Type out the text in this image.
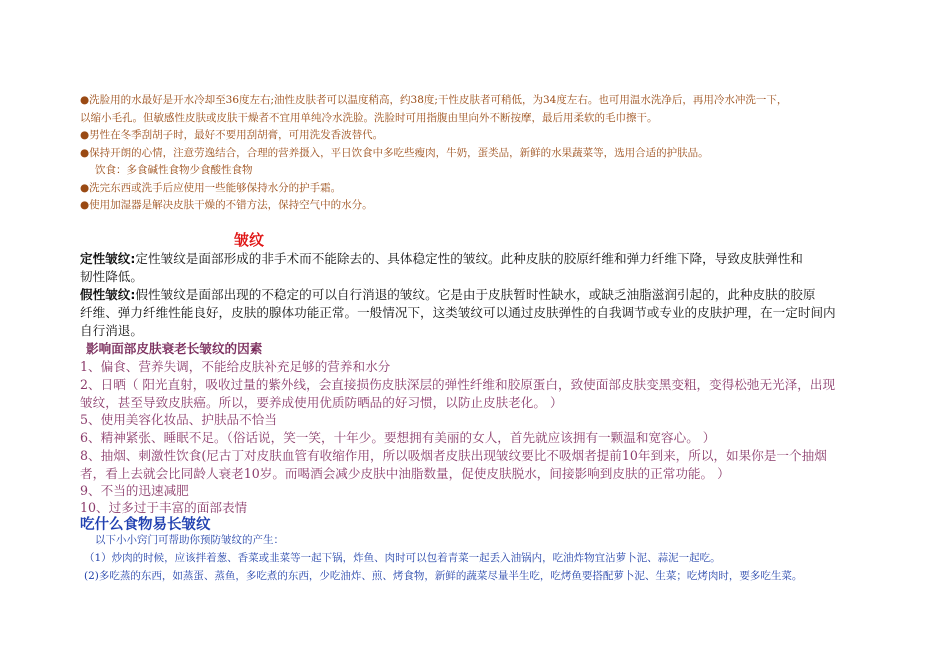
●洗脸用的水最好是开水冷却至36度左右;油性皮肤者可以温度稍高，约38度;干性皮肤者可稍低，为34度左右。也可用温水洗净后，再用冷水冲洗一下，

以缩小毛孔。但敏感性皮肤或皮肤干燥者不宜用单纯冷水洗脸。洗脸时可用指腹由里向外不断按摩，最后用柔软的毛巾擦干。

●男性在冬季刮胡子时，最好不要用刮胡膏，可用洗发香波替代。

●保持开朗的心情，注意劳逸结合，合理的营养摄入，平日饮食中多吃些瘦肉，牛奶，蛋类品，新鲜的水果蔬菜等，选用合适的护肤品。

饮食：多食碱性食物少食酸性食物

●洗完东西或洗手后应使用一些能够保持水分的护手霜。

●使用加湿器是解决皮肤干燥的不错方法，保持空气中的水分。

皱纹

定性皱纹:定性皱纹是面部形成的非手术而不能除去的、具体稳定性的皱纹。此种皮肤的胶原纤维和弹力纤维下降，导致皮肤弹性和

韧性降低。

假性皱纹:假性皱纹是面部出现的不稳定的可以自行消退的皱纹。它是由于皮肤暂时性缺水，或缺乏油脂滋润引起的，此种皮肤的胶原

纤维、弹力纤维性能良好，皮肤的腺体功能正常。一般情况下，这类皱纹可以通过皮肤弹性的自我调节或专业的皮肤护理，在一定时间内

自行消退。

影响面部皮肤衰老长皱纹的因素

1、偏食、营养失调，不能给皮肤补充足够的营养和水分

2、日晒（ 阳光直射，吸收过量的紫外线，会直接损伤皮肤深层的弹性纤维和胶原蛋白，致使面部皮肤变黑变粗，变得松弛无光泽，出现

皱纹，甚至导致皮肤癌。所以，要养成使用优质防晒品的好习惯，以防止皮肤老化。 ）

5、使用美容化妆品、护肤品不恰当

6、精神紧张、睡眠不足。（俗话说，笑一笑，十年少。要想拥有美丽的女人，首先就应该拥有一颗温和宽容心。 ）

8、抽烟、刺激性饮食(尼古丁对皮肤血管有收缩作用，所以吸烟者皮肤出现皱纹要比不吸烟者提前10年到来，所以，如果你是一个抽烟

者，看上去就会比同龄人衰老10岁。而喝酒会减少皮肤中油脂数量，促使皮肤脱水，间接影响到皮肤的正常功能。 ）

9、不当的迅速减肥

10、过多过于丰富的面部表情

吃什么食物易长皱纹

以下小小窍门可帮助你预防皱纹的产生：

（1）炒肉的时候，应该拌着葱、香菜或韭菜等一起下锅，炸鱼、肉时可以包着青菜一起丢入油锅内，吃油炸物宜沾萝卜泥、蒜泥一起吃。

(2)多吃蒸的东西，如蒸蛋、蒸鱼，多吃煮的东西，少吃油炸、煎、烤食物，新鲜的蔬菜尽量半生吃，吃烤鱼要搭配萝卜泥、生菜；吃烤肉时，要多吃生菜。
